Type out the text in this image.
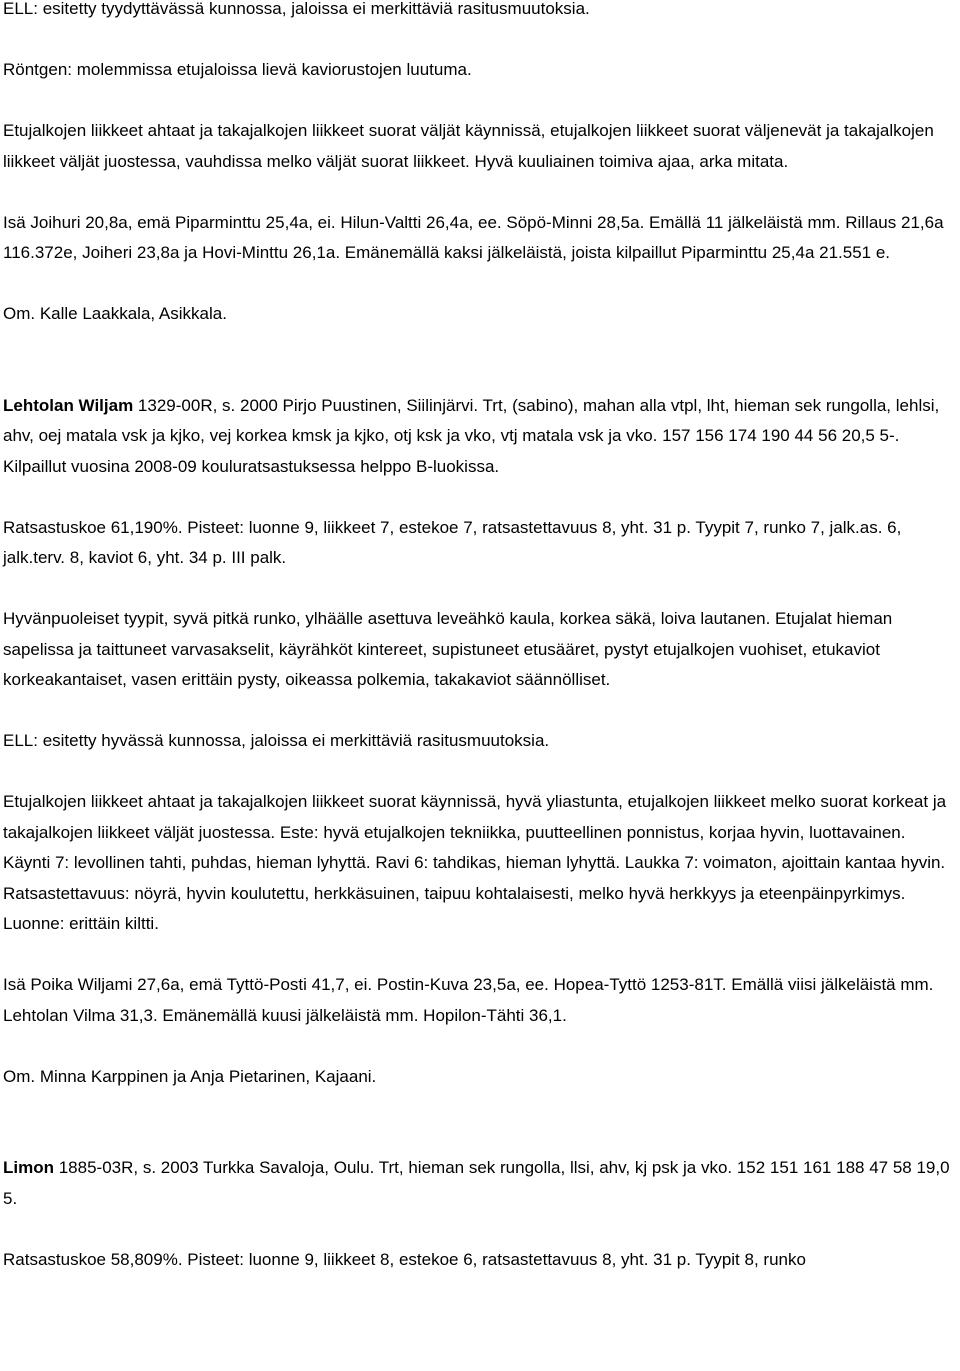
ELL: esitetty tyydyttävässä kunnossa, jaloissa ei merkittäviä rasitusmuutoksia.

Röntgen: molemmissa etujaloissa lievä kaviorustojen luutuma.

Etujalkojen liikkeet ahtaat ja takajalkojen liikkeet suorat väljät käynnissä, etujalkojen liikkeet suorat väljenevät ja takajalkojen liikkeet väljät juostessa, vauhdissa melko väljät suorat liikkeet. Hyvä kuuliainen toimiva ajaa, arka mitata.

Isä Joihuri 20,8a, emä Piparminttu 25,4a, ei. Hilun-Valtti 26,4a, ee. Söpö-Minni 28,5a. Emällä 11 jälkeläistä mm. Rillaus 21,6a 116.372e, Joiheri 23,8a ja Hovi-Minttu 26,1a. Emänemällä kaksi jälkeläistä, joista kilpaillut Piparminttu 25,4a 21.551 e.

Om. Kalle Laakkala, Asikkala.

Lehtolan Wiljam 1329-00R, s. 2000 Pirjo Puustinen, Siilinjärvi. Trt, (sabino), mahan alla vtpl, lht, hieman sek rungolla, lehlsi, ahv, oej matala vsk ja kjko, vej korkea kmsk ja kjko, otj ksk ja vko, vtj matala vsk ja vko. 157 156 174 190 44 56 20,5 5-. Kilpaillut vuosina 2008-09 kouluratsastuksessa helppo B-luokissa.

Ratsastuskoe 61,190%. Pisteet: luonne 9, liikkeet 7, estekoe 7, ratsastettavuus 8, yht. 31 p. Tyypit 7, runko 7, jalk.as. 6, jalk.terv. 8, kaviot 6, yht. 34 p. III palk.

Hyvänpuoleiset tyypit, syvä pitkä runko, ylhäälle asettuva leveähkö kaula, korkea säkä, loiva lautanen. Etujalat hieman sapelissa ja taittuneet varvasakselit, käyrähköt kintereet, supistuneet etusääret, pystyt etujalkojen vuohiset, etukaviot korkeakantaiset, vasen erittäin pysty, oikeassa polkemia, takakaviot säännölliset.

ELL: esitetty hyvässä kunnossa, jaloissa ei merkittäviä rasitusmuutoksia.

Etujalkojen liikkeet ahtaat ja takajalkojen liikkeet suorat käynnissä, hyvä yliastunta, etujalkojen liikkeet melko suorat korkeat ja takajalkojen liikkeet väljät juostessa. Este: hyvä etujalkojen tekniikka, puutteellinen ponnistus, korjaa hyvin, luottavainen. Käynti 7: levollinen tahti, puhdas, hieman lyhyttä. Ravi 6: tahdikas, hieman lyhyttä. Laukka 7: voimaton, ajoittain kantaa hyvin. Ratsastettavuus: nöyrä, hyvin koulutettu, herkkäsuinen, taipuu kohtalaisesti, melko hyvä herkkyys ja eteenpäinpyrkimys. Luonne: erittäin kiltti.

Isä Poika Wiljami 27,6a, emä Tyttö-Posti 41,7, ei. Postin-Kuva 23,5a, ee. Hopea-Tyttö 1253-81T. Emällä viisi jälkeläistä mm. Lehtolan Vilma 31,3. Emänemällä kuusi jälkeläistä mm. Hopilon-Tähti 36,1.

Om. Minna Karppinen ja Anja Pietarinen, Kajaani.

Limon 1885-03R, s. 2003 Turkka Savaloja, Oulu. Trt, hieman sek rungolla, llsi, ahv, kj psk ja vko. 152 151 161 188 47 58 19,0 5.

Ratsastuskoe 58,809%. Pisteet: luonne 9, liikkeet 8, estekoe 6, ratsastettavuus 8, yht. 31 p. Tyypit 8, runko
